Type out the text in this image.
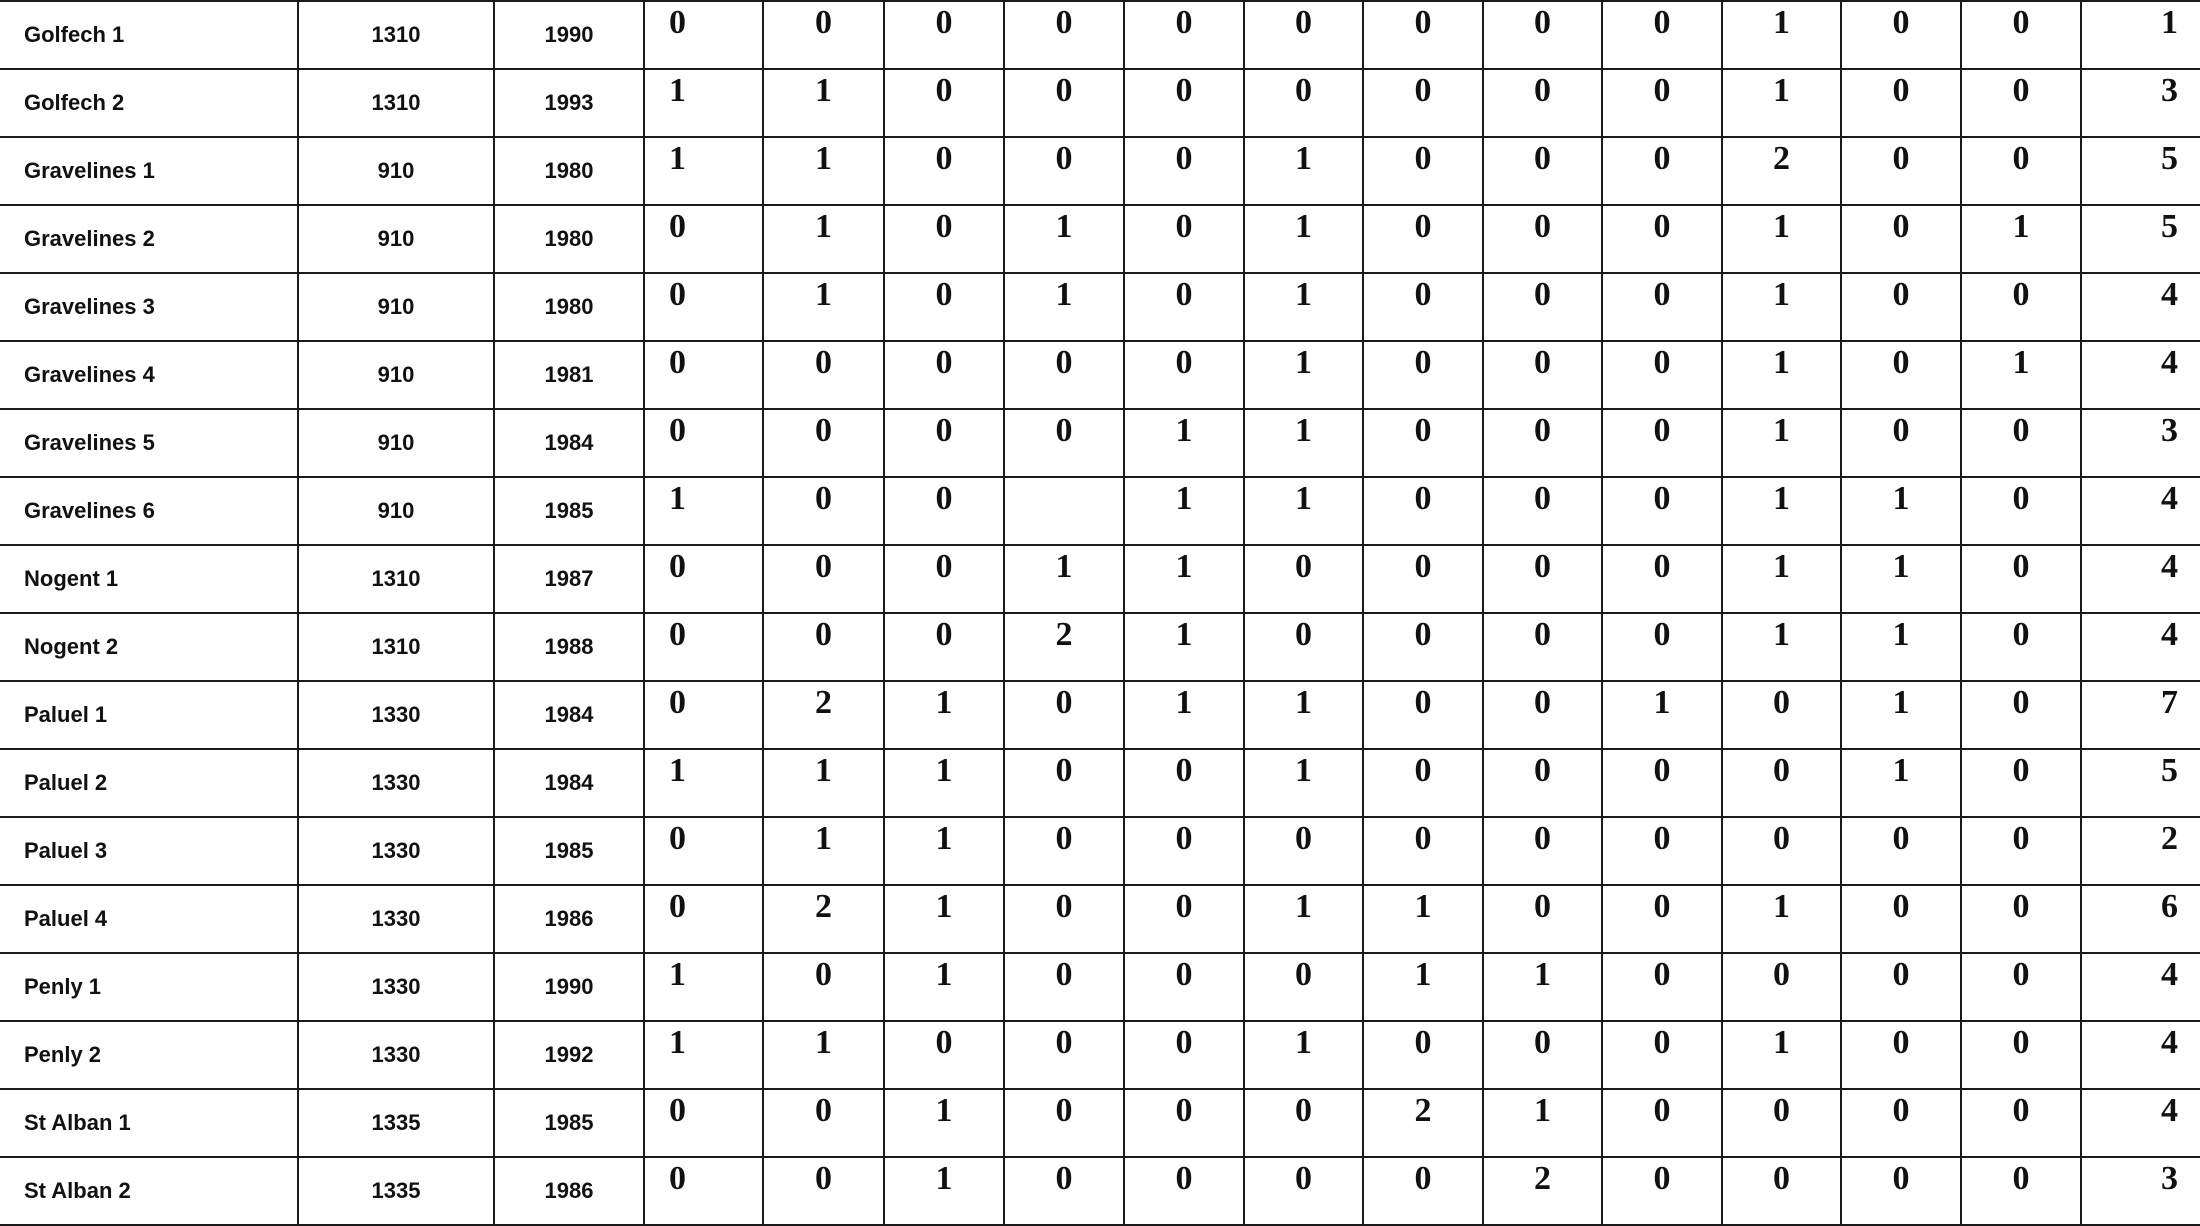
Golfech 1	1310	1990	0	0	0	0	0	0	0	0	0	1	0	0	1
Golfech 2	1310	1993	1	1	0	0	0	0	0	0	0	1	0	0	3
Gravelines 1	910	1980	1	1	0	0	0	1	0	0	0	2	0	0	5
Gravelines 2	910	1980	0	1	0	1	0	1	0	0	0	1	0	1	5
Gravelines 3	910	1980	0	1	0	1	0	1	0	0	0	1	0	0	4
Gravelines 4	910	1981	0	0	0	0	0	1	0	0	0	1	0	1	4
Gravelines 5	910	1984	0	0	0	0	1	1	0	0	0	1	0	0	3
Gravelines 6	910	1985	1	0	0		1	1	0	0	0	1	1	0	4
Nogent 1	1310	1987	0	0	0	1	1	0	0	0	0	1	1	0	4
Nogent 2	1310	1988	0	0	0	2	1	0	0	0	0	1	1	0	4
Paluel 1	1330	1984	0	2	1	0	1	1	0	0	1	0	1	0	7
Paluel 2	1330	1984	1	1	1	0	0	1	0	0	0	0	1	0	5
Paluel 3	1330	1985	0	1	1	0	0	0	0	0	0	0	0	0	2
Paluel 4	1330	1986	0	2	1	0	0	1	1	0	0	1	0	0	6
Penly 1	1330	1990	1	0	1	0	0	0	1	1	0	0	0	0	4
Penly 2	1330	1992	1	1	0	0	0	1	0	0	0	1	0	0	4
St Alban 1	1335	1985	0	0	1	0	0	0	2	1	0	0	0	0	4
St Alban 2	1335	1986	0	0	1	0	0	0	0	2	0	0	0	0	3
